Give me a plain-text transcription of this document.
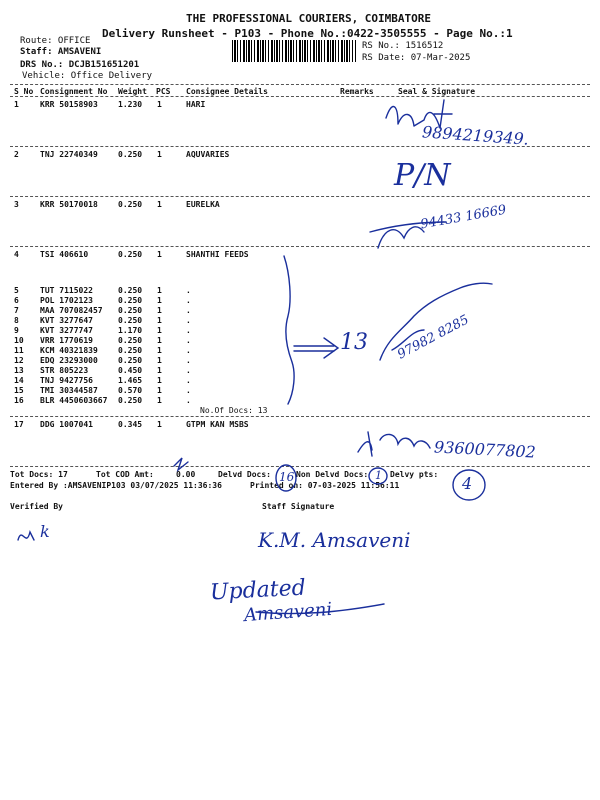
THE PROFESSIONAL COURIERS, COIMBATORE
Delivery Runsheet - P103 - Phone No.:0422-3505555 - Page No.:1
Route: OFFICE
Staff: AMSAVENI
DRS No.: DCJB151651201
Vehicle: Office Delivery
RS No.: 1516512
RS Date: 07-Mar-2025
S No Consignment No Weight PCS Consignee Details	Remarks	Seal & Signature
1	KRR 50158903	1.230 1	HARI
2	TNJ 22740349	0.250 1	AQUVARIES
3	KRR 50170018	0.250 1	EURELKA
4	TSI 406610	0.250 1	SHANTHI FEEDS
5	TUT 7115022	0.250 1	.
6	POL 1702123	0.250 1	.
7	MAA 707082457 0.250 1	.
8	KVT 3277647	0.250 1	.
9	KVT 3277747	1.170 1	.
10 VRR 1770619	0.250 1	.
11 KCM 40321839	0.250 1	.
12 EDQ 23293000	0.250 1	.
13 STR 805223	0.450 1	.
14 TNJ 9427756	1.465 1	.
15 TMI 30344587	0.570 1	.
16 BLR 4450603667 0.250 1	.
No.Of Docs: 13
17 DDG 1007041	0.345 1	GTPM KAN MSBS
Tot Docs: 17	Tot COD Amt:	0.00	Delvd Docs:	Non Delvd Docs:	Delvy pts:
Entered By :AMSAVENIP103 03/07/2025 11:36:36	Printed on: 07-03-2025 11:56:11
Verified By	Staff Signature
9894219349.
P/N
94433 16669
13 97982 8285
9360077802
16	1	4
k	K.M. Amsaveni
Updated
Amsaveni
